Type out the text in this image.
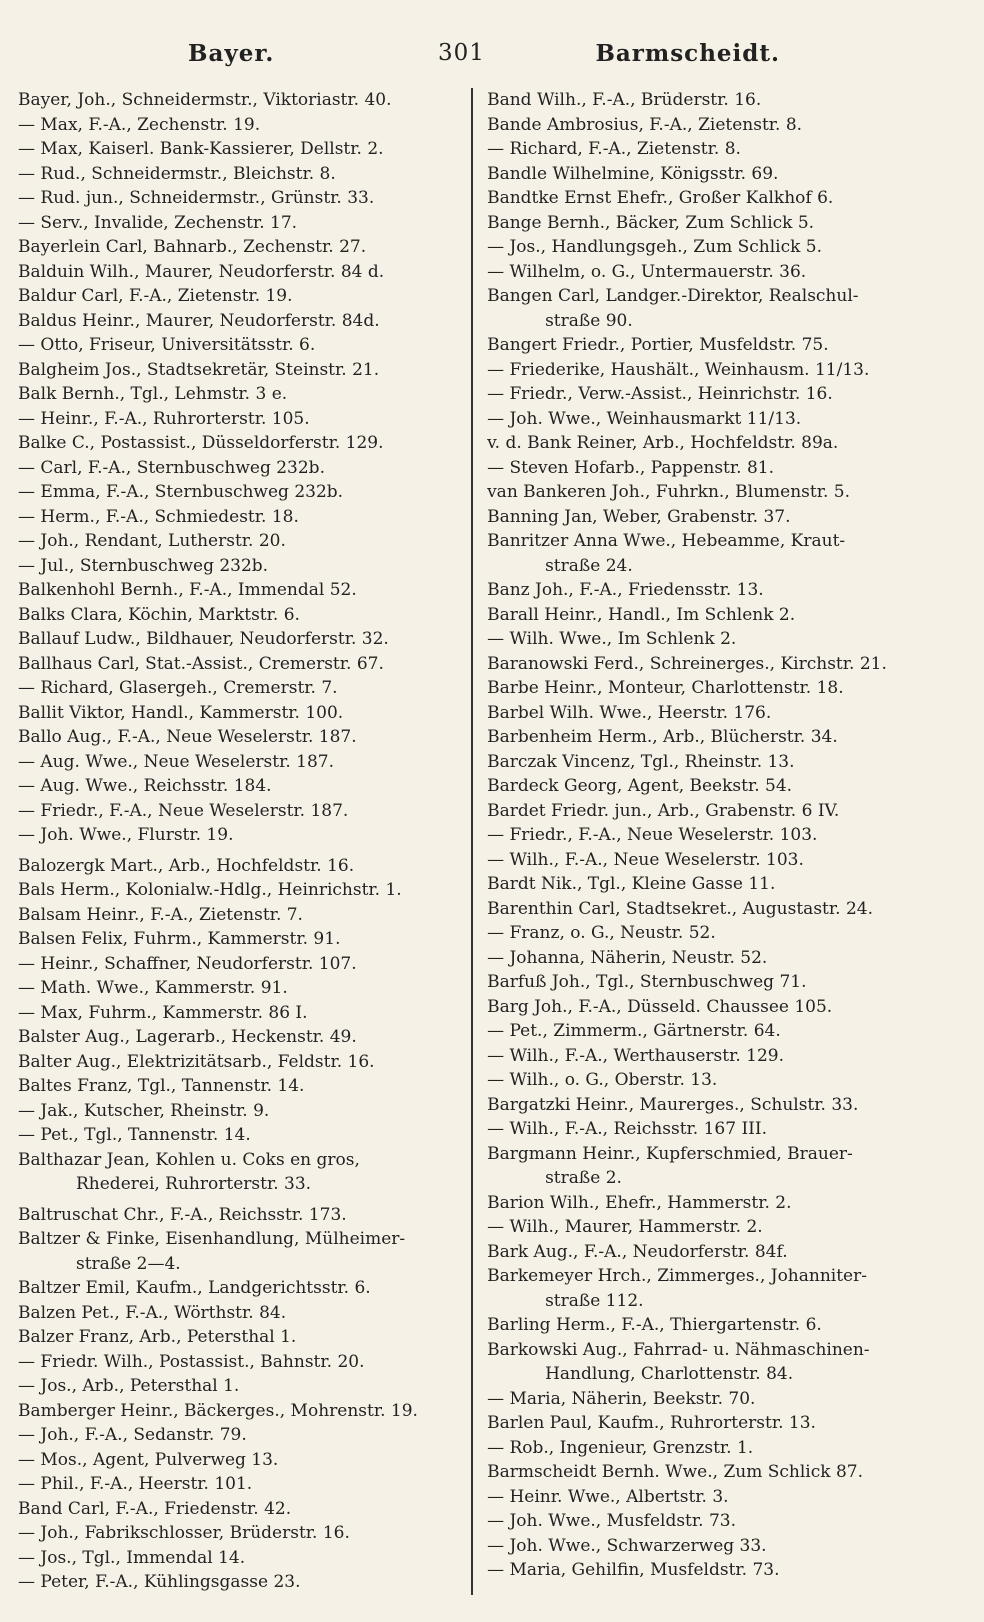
Bayer.	301	Barmscheidt.
Bayer, Joh., Schneidermstr., Viktoriastr. 40.
— Max, F.-A., Zechenstr. 19.
— Max, Kaiserl. Bank-Kassierer, Dellstr. 2.
— Rud., Schneidermstr., Bleichstr. 8.
— Rud. jun., Schneidermstr., Grünstr. 33.
— Serv., Invalide, Zechenstr. 17.
Bayerlein Carl, Bahnarb., Zechenstr. 27.
Balduin Wilh., Maurer, Neudorferstr. 84 d.
Baldur Carl, F.-A., Zietenstr. 19.
Baldus Heinr., Maurer, Neudorferstr. 84d.
— Otto, Friseur, Universitätsstr. 6.
Balgheim Jos., Stadtsekretär, Steinstr. 21.
Balk Bernh., Tgl., Lehmstr. 3 e.
— Heinr., F.-A., Ruhrorterstr. 105.
Balke C., Postassist., Düsseldorferstr. 129.
— Carl, F.-A., Sternbuschweg 232b.
— Emma, F.-A., Sternbuschweg 232b.
— Herm., F.-A., Schmiedestr. 18.
— Joh., Rendant, Lutherstr. 20.
— Jul., Sternbuschweg 232b.
Balkenhohl Bernh., F.-A., Immendal 52.
Balks Clara, Köchin, Marktstr. 6.
Ballauf Ludw., Bildhauer, Neudorferstr. 32.
Ballhaus Carl, Stat.-Assist., Cremerstr. 67.
— Richard, Glasergeh., Cremerstr. 7.
Ballit Viktor, Handl., Kammerstr. 100.
Ballo Aug., F.-A., Neue Weselerstr. 187.
— Aug. Wwe., Neue Weselerstr. 187.
— Aug. Wwe., Reichsstr. 184.
— Friedr., F.-A., Neue Weselerstr. 187.
— Joh. Wwe., Flurstr. 19.
Balozergk Mart., Arb., Hochfeldstr. 16.
Bals Herm., Kolonialw.-Hdlg., Heinrichstr. 1.
Balsam Heinr., F.-A., Zietenstr. 7.
Balsen Felix, Fuhrm., Kammerstr. 91.
— Heinr., Schaffner, Neudorferstr. 107.
— Math. Wwe., Kammerstr. 91.
— Max, Fuhrm., Kammerstr. 86 I.
Balster Aug., Lagerarb., Heckenstr. 49.
Balter Aug., Elektrizitätsarb., Feldstr. 16.
Baltes Franz, Tgl., Tannenstr. 14.
— Jak., Kutscher, Rheinstr. 9.
— Pet., Tgl., Tannenstr. 14.
Balthazar Jean, Kohlen u. Coks en gros,
Rhederei, Ruhrorterstr. 33.
Baltruschat Chr., F.-A., Reichsstr. 173.
Baltzer & Finke, Eisenhandlung, Mülheimer-
straße 2—4.
Baltzer Emil, Kaufm., Landgerichtsstr. 6.
Balzen Pet., F.-A., Wörthstr. 84.
Balzer Franz, Arb., Petersthal 1.
— Friedr. Wilh., Postassist., Bahnstr. 20.
— Jos., Arb., Petersthal 1.
Bamberger Heinr., Bäckerges., Mohrenstr. 19.
— Joh., F.-A., Sedanstr. 79.
— Mos., Agent, Pulverweg 13.
— Phil., F.-A., Heerstr. 101.
Band Carl, F.-A., Friedenstr. 42.
— Joh., Fabrikschlosser, Brüderstr. 16.
— Jos., Tgl., Immendal 14.
— Peter, F.-A., Kühlingsgasse 23.
Band Wilh., F.-A., Brüderstr. 16.
Bande Ambrosius, F.-A., Zietenstr. 8.
— Richard, F.-A., Zietenstr. 8.
Bandle Wilhelmine, Königsstr. 69.
Bandtke Ernst Ehefr., Großer Kalkhof 6.
Bange Bernh., Bäcker, Zum Schlick 5.
— Jos., Handlungsgeh., Zum Schlick 5.
— Wilhelm, o. G., Untermauerstr. 36.
Bangen Carl, Landger.-Direktor, Realschul-
straße 90.
Bangert Friedr., Portier, Musfeldstr. 75.
— Friederike, Haushält., Weinhausm. 11/13.
— Friedr., Verw.-Assist., Heinrichstr. 16.
— Joh. Wwe., Weinhausmarkt 11/13.
v. d. Bank Reiner, Arb., Hochfeldstr. 89a.
— Steven Hofarb., Pappenstr. 81.
van Bankeren Joh., Fuhrkn., Blumenstr. 5.
Banning Jan, Weber, Grabenstr. 37.
Banritzer Anna Wwe., Hebeamme, Kraut-
straße 24.
Banz Joh., F.-A., Friedensstr. 13.
Barall Heinr., Handl., Im Schlenk 2.
— Wilh. Wwe., Im Schlenk 2.
Baranowski Ferd., Schreinerges., Kirchstr. 21.
Barbe Heinr., Monteur, Charlottenstr. 18.
Barbel Wilh. Wwe., Heerstr. 176.
Barbenheim Herm., Arb., Blücherstr. 34.
Barczak Vincenz, Tgl., Rheinstr. 13.
Bardeck Georg, Agent, Beekstr. 54.
Bardet Friedr. jun., Arb., Grabenstr. 6 IV.
— Friedr., F.-A., Neue Weselerstr. 103.
— Wilh., F.-A., Neue Weselerstr. 103.
Bardt Nik., Tgl., Kleine Gasse 11.
Barenthin Carl, Stadtsekret., Augustastr. 24.
— Franz, o. G., Neustr. 52.
— Johanna, Näherin, Neustr. 52.
Barfuß Joh., Tgl., Sternbuschweg 71.
Barg Joh., F.-A., Düsseld. Chaussee 105.
— Pet., Zimmerm., Gärtnerstr. 64.
— Wilh., F.-A., Werthauserstr. 129.
— Wilh., o. G., Oberstr. 13.
Bargatzki Heinr., Maurerges., Schulstr. 33.
— Wilh., F.-A., Reichsstr. 167 III.
Bargmann Heinr., Kupferschmied, Brauer-
straße 2.
Barion Wilh., Ehefr., Hammerstr. 2.
— Wilh., Maurer, Hammerstr. 2.
Bark Aug., F.-A., Neudorferstr. 84f.
Barkemeyer Hrch., Zimmerges., Johanniter-
straße 112.
Barling Herm., F.-A., Thiergartenstr. 6.
Barkowski Aug., Fahrrad- u. Nähmaschinen-
Handlung, Charlottenstr. 84.
— Maria, Näherin, Beekstr. 70.
Barlen Paul, Kaufm., Ruhrorterstr. 13.
— Rob., Ingenieur, Grenzstr. 1.
Barmscheidt Bernh. Wwe., Zum Schlick 87.
— Heinr. Wwe., Albertstr. 3.
— Joh. Wwe., Musfeldstr. 73.
— Joh. Wwe., Schwarzerweg 33.
— Maria, Gehilfin, Musfeldstr. 73.
